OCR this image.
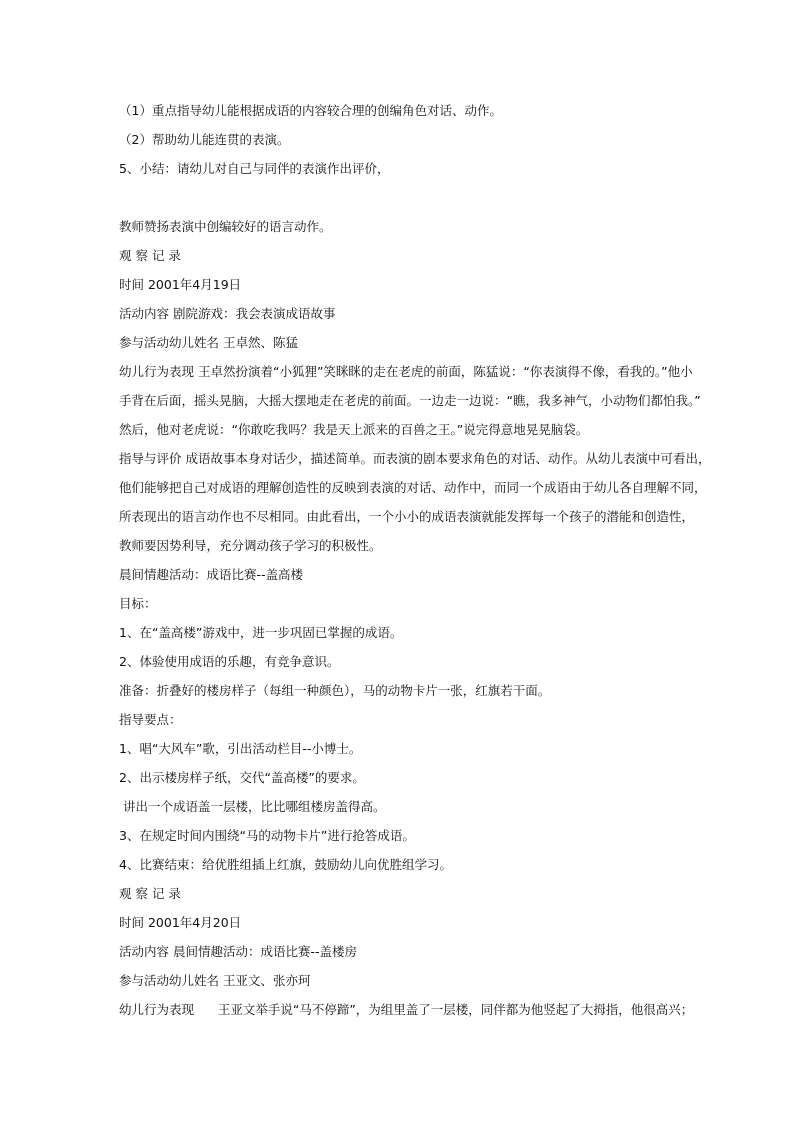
（1）重点指导幼儿能根据成语的内容较合理的创编角色对话、动作。
（2）帮助幼儿能连贯的表演。
5、小结：请幼儿对自己与同伴的表演作出评价，
教师赞扬表演中创编较好的语言动作。
观 察 记 录
时间 2001年4月19日
活动内容 剧院游戏：我会表演成语故事
参与活动幼儿姓名 王卓然、陈猛
幼儿行为表现 王卓然扮演着“小狐狸”笑眯眯的走在老虎的前面，陈猛说：“你表演得不像，看我的。”他小
手背在后面，摇头晃脑，大摇大摆地走在老虎的前面。一边走一边说：“瞧，我多神气，小动物们都怕我。”
然后，他对老虎说：“你敢吃我吗？我是天上派来的百兽之王。”说完得意地晃晃脑袋。
指导与评价 成语故事本身对话少，描述简单。而表演的剧本要求角色的对话、动作。从幼儿表演中可看出，
他们能够把自己对成语的理解创造性的反映到表演的对话、动作中，而同一个成语由于幼儿各自理解不同，
所表现出的语言动作也不尽相同。由此看出，一个小小的成语表演就能发挥每一个孩子的潜能和创造性，
教师要因势利导，充分调动孩子学习的积极性。
晨间情趣活动：成语比赛--盖高楼
目标：
1、在“盖高楼”游戏中，进一步巩固已掌握的成语。
2、体验使用成语的乐趣，有竞争意识。
准备：折叠好的楼房样子（每组一种颜色），马的动物卡片一张，红旗若干面。
指导要点：
1、唱“大风车”歌，引出活动栏目--小博士。
2、出示楼房样子纸，交代“盖高楼”的要求。
讲出一个成语盖一层楼，比比哪组楼房盖得高。
3、在规定时间内围绕“马的动物卡片”进行抢答成语。
4、比赛结束：给优胜组插上红旗，鼓励幼儿向优胜组学习。
观 察 记 录
时间 2001年4月20日
活动内容 晨间情趣活动：成语比赛--盖楼房
参与活动幼儿姓名 王亚文、张亦珂
幼儿行为表现      王亚文举手说“马不停蹄”，为组里盖了一层楼，同伴都为他竖起了大拇指，他很高兴；
